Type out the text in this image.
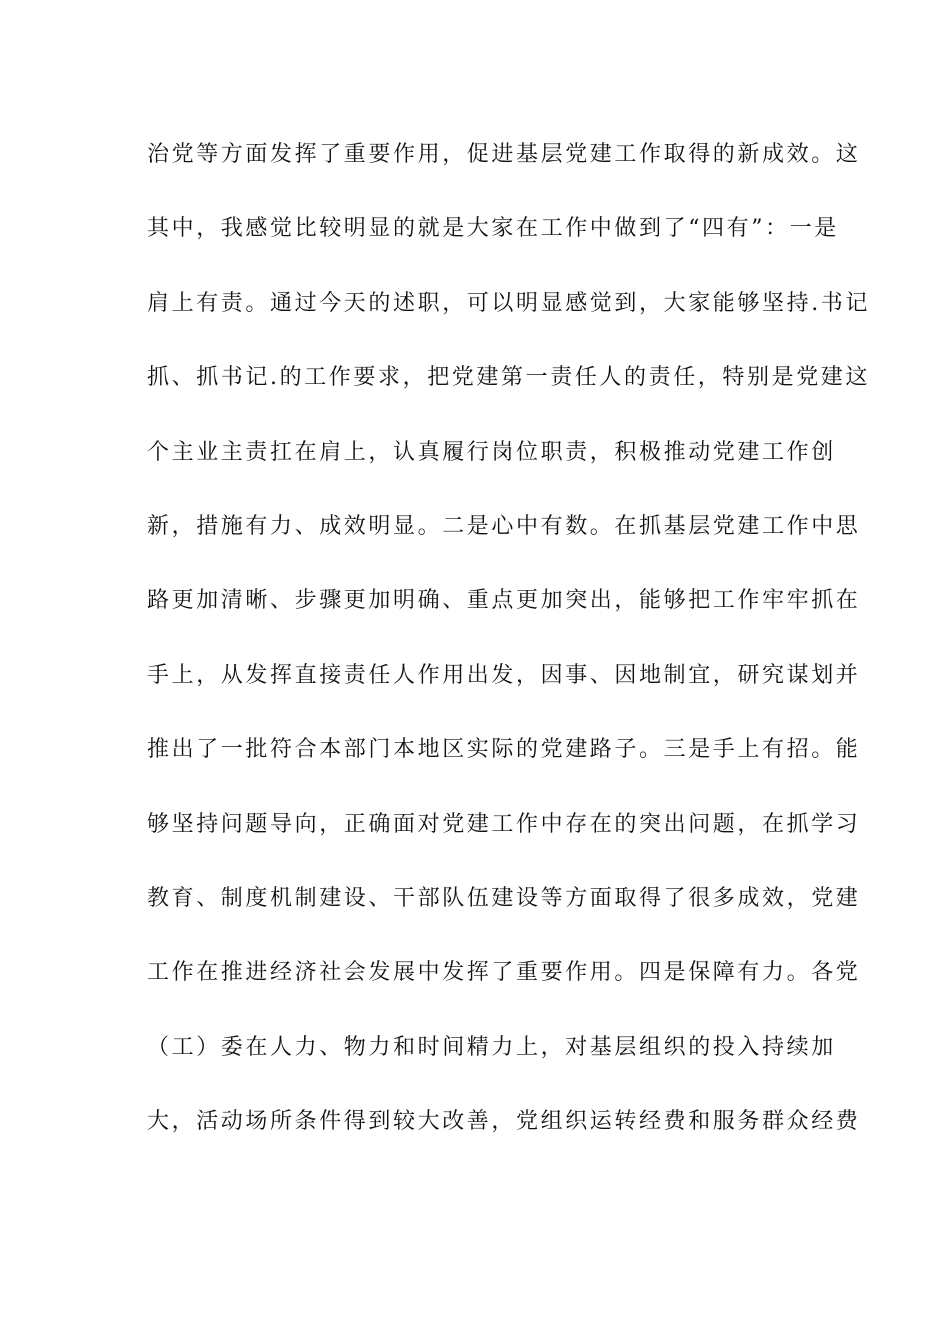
治党等方面发挥了重要作用，促进基层党建工作取得的新成效。这
其中，我感觉比较明显的就是大家在工作中做到了“四有”：一是
肩上有责。通过今天的述职，可以明显感觉到，大家能够坚持.书记
抓、抓书记.的工作要求，把党建第一责任人的责任，特别是党建这
个主业主责扛在肩上，认真履行岗位职责，积极推动党建工作创
新，措施有力、成效明显。二是心中有数。在抓基层党建工作中思
路更加清晰、步骤更加明确、重点更加突出，能够把工作牢牢抓在
手上，从发挥直接责任人作用出发，因事、因地制宜，研究谋划并
推出了一批符合本部门本地区实际的党建路子。三是手上有招。能
够坚持问题导向，正确面对党建工作中存在的突出问题，在抓学习
教育、制度机制建设、干部队伍建设等方面取得了很多成效，党建
工作在推进经济社会发展中发挥了重要作用。四是保障有力。各党
（工）委在人力、物力和时间精力上，对基层组织的投入持续加
大，活动场所条件得到较大改善，党组织运转经费和服务群众经费
